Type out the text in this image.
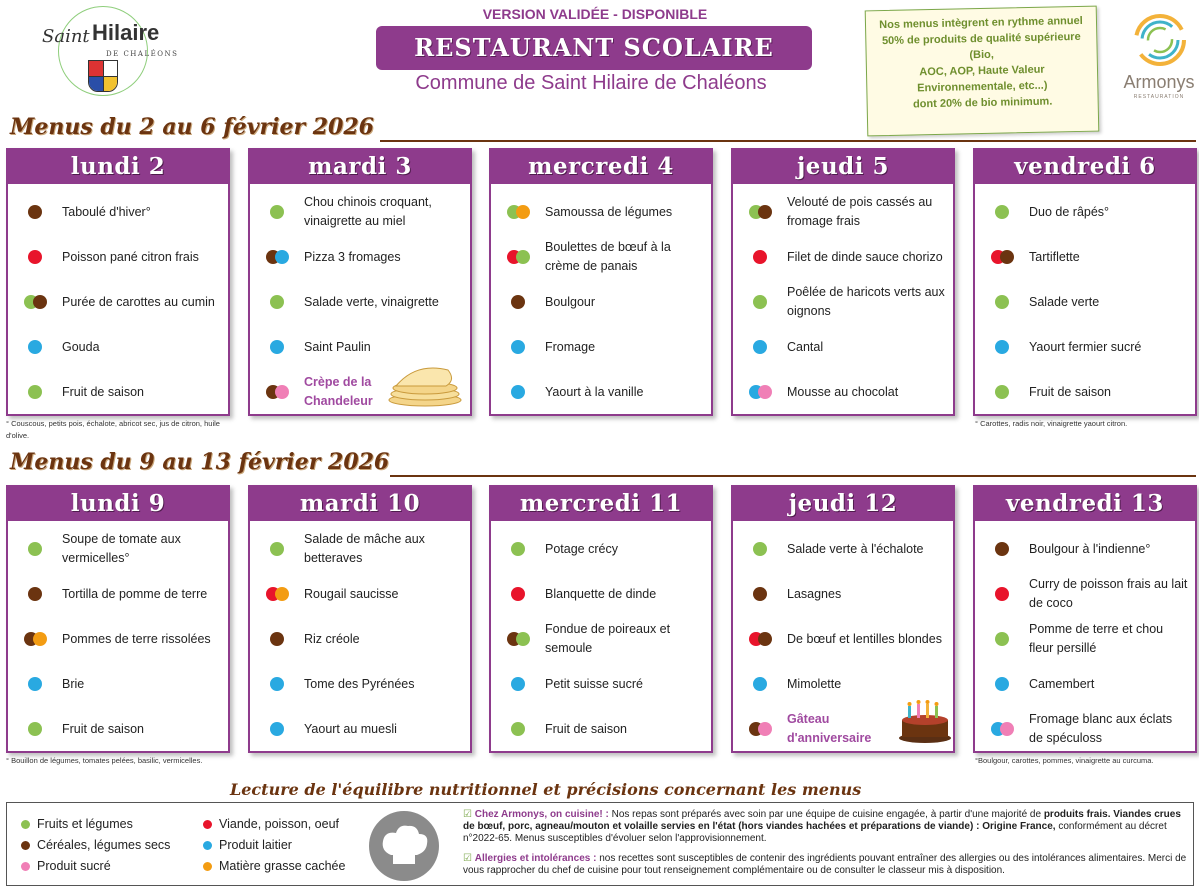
Saint Hilaire
DE CHALÉONS
VERSION VALIDÉE - DISPONIBLE
RESTAURANT SCOLAIRE
Commune de Saint Hilaire de Chaléons
Nos menus intègrent en rythme annuel
50% de produits de qualité supérieure (Bio,
AOC, AOP, Haute Valeur
Environnementale, etc...)
dont 20% de bio minimum.
Armonys
RESTAURATION
Menus du 2 au 6 février 2026
Menus du 9 au 13 février 2026
lundi 2
Taboulé d'hiver°
Poisson pané citron frais
Purée de carottes au cumin
Gouda
Fruit de saison
mardi 3
Chou chinois croquant, vinaigrette au miel
Pizza 3 fromages
Salade verte, vinaigrette
Saint Paulin
Crèpe de la Chandeleur
mercredi 4
Samoussa de légumes
Boulettes de bœuf à la crème de panais
Boulgour
Fromage
Yaourt à la vanille
jeudi 5
Velouté de pois cassés au fromage frais
Filet de dinde sauce chorizo
Poêlée de haricots verts aux oignons
Cantal
Mousse au chocolat
vendredi 6
Duo de râpés°
Tartiflette
Salade verte
Yaourt fermier sucré
Fruit de saison
° Couscous, petits pois, échalote, abricot sec, jus de citron, huile d'olive.
° Carottes, radis noir, vinaigrette yaourt citron.
lundi 9
Soupe de tomate aux vermicelles°
Tortilla de pomme de terre
Pommes de terre rissolées
Brie
Fruit de saison
mardi 10
Salade de mâche aux betteraves
Rougail saucisse
Riz créole
Tome des Pyrénées
Yaourt au muesli
mercredi 11
Potage crécy
Blanquette de dinde
Fondue de poireaux et semoule
Petit suisse sucré
Fruit de saison
jeudi 12
Salade verte à l'échalote
Lasagnes
De bœuf et lentilles blondes
Mimolette
Gâteau d'anniversaire
vendredi 13
Boulgour à l'indienne°
Curry de poisson frais au lait de coco
Pomme de terre et chou fleur persillé
Camembert
Fromage blanc aux éclats de spéculoss
° Bouillon de légumes, tomates pelées, basilic, vermicelles.	°Boulgour, carottes, pommes, vinaigrette au curcuma.
Lecture de l'équilibre nutritionnel et précisions concernant les menus
Fruits et légumes
Céréales, légumes secs
Produit sucré
Viande, poisson, oeuf
Produit laitier
Matière grasse cachée
☑ Chez Armonys, on cuisine! : Nos repas sont préparés avec soin par une équipe de cuisine engagée, à partir d'une majorité de produits frais. Viandes crues de bœuf, porc, agneau/mouton et volaille servies en l'état (hors viandes hachées et préparations de viande) : Origine France, conformément au décret n°2022-65. Menus susceptibles d'évoluer selon l'approvisionnement.
☑ Allergies et intolérances : nos recettes sont susceptibles de contenir des ingrédients pouvant entraîner des allergies ou des intolérances alimentaires. Merci de vous rapprocher du chef de cuisine pour tout renseignement complémentaire ou de consulter le classeur mis à disposition.
